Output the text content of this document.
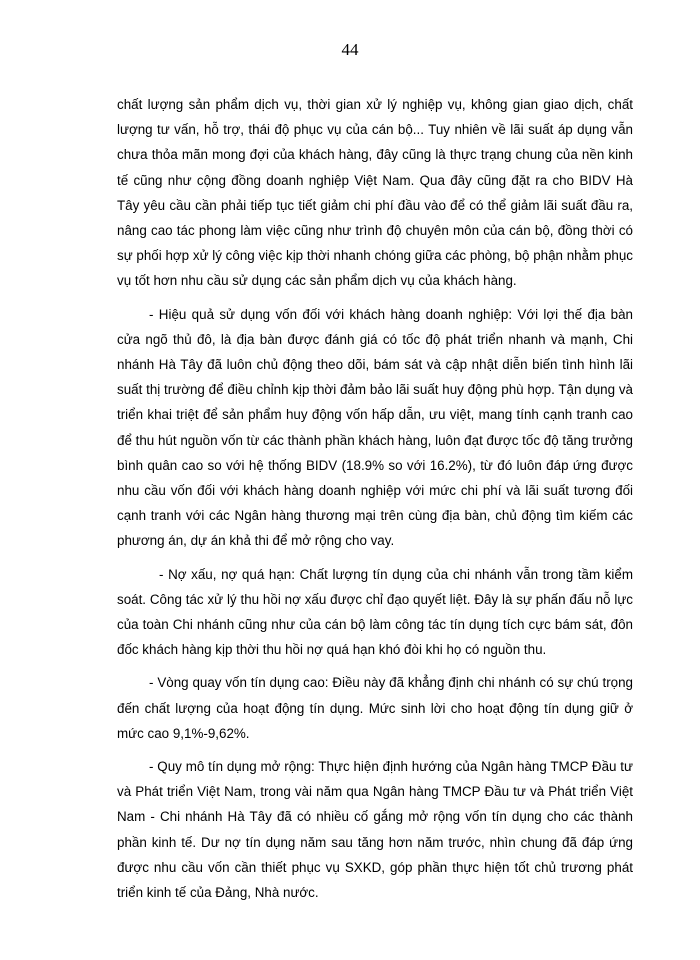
44

chất lượng sản phẩm dịch vụ, thời gian xử lý nghiệp vụ, không gian giao dịch, chất lượng tư vấn, hỗ trợ, thái độ phục vụ của cán bộ... Tuy nhiên về lãi suất áp dụng vẫn chưa thỏa mãn mong đợi của khách hàng, đây cũng là thực trạng chung của nền kinh tế cũng như cộng đồng doanh nghiệp Việt Nam. Qua đây cũng đặt ra cho BIDV Hà Tây yêu cầu cần phải tiếp tục tiết giảm chi phí đầu vào để có thể giảm lãi suất đầu ra, nâng cao tác phong làm việc cũng như trình độ chuyên môn của cán bộ, đồng thời có sự phối hợp xử lý công việc kịp thời nhanh chóng giữa các phòng, bộ phận nhằm phục vụ tốt hơn nhu cầu sử dụng các sản phẩm dịch vụ của khách hàng.

- Hiệu quả sử dụng vốn đối với khách hàng doanh nghiệp: Với lợi thế địa bàn cửa ngõ thủ đô, là địa bàn được đánh giá có tốc độ phát triển nhanh và mạnh, Chi nhánh Hà Tây đã luôn chủ động theo dõi, bám sát và cập nhật diễn biến tình hình lãi suất thị trường để điều chỉnh kịp thời đảm bảo lãi suất huy động phù hợp. Tận dụng và triển khai triệt để sản phẩm huy động vốn hấp dẫn, ưu việt, mang tính cạnh tranh cao để thu hút nguồn vốn từ các thành phần khách hàng, luôn đạt được tốc độ tăng trưởng bình quân cao so với hệ thống BIDV (18.9% so với 16.2%), từ đó luôn đáp ứng được nhu cầu vốn đối với khách hàng doanh nghiệp với mức chi phí và lãi suất tương đối cạnh tranh với các Ngân hàng thương mại trên cùng địa bàn, chủ động tìm kiếm các phương án, dự án khả thi để mở rộng cho vay.

- Nợ xấu, nợ quá hạn: Chất lượng tín dụng của chi nhánh vẫn trong tầm kiểm soát. Công tác xử lý thu hồi nợ xấu được chỉ đạo quyết liệt. Đây là sự phấn đấu nỗ lực của toàn Chi nhánh cũng như của cán bộ làm công tác tín dụng tích cực bám sát, đôn đốc khách hàng kịp thời thu hồi nợ quá hạn khó đòi khi họ có nguồn thu.

- Vòng quay vốn tín dụng cao: Điều này đã khẳng định chi nhánh có sự chú trọng đến chất lượng của hoạt động tín dụng. Mức sinh lời cho hoạt động tín dụng giữ ở mức cao 9,1%-9,62%.

- Quy mô tín dụng mở rộng: Thực hiện định hướng của Ngân hàng TMCP Đầu tư và Phát triển Việt Nam, trong vài năm qua Ngân hàng TMCP Đầu tư và Phát triển Việt Nam - Chi nhánh Hà Tây đã có nhiều cố gắng mở rộng vốn tín dụng cho các thành phần kinh tế. Dư nợ tín dụng năm sau tăng hơn năm trước, nhìn chung đã đáp ứng được nhu cầu vốn cần thiết phục vụ SXKD, góp phần thực hiện tốt chủ trương phát triển kinh tế của Đảng, Nhà nước.
